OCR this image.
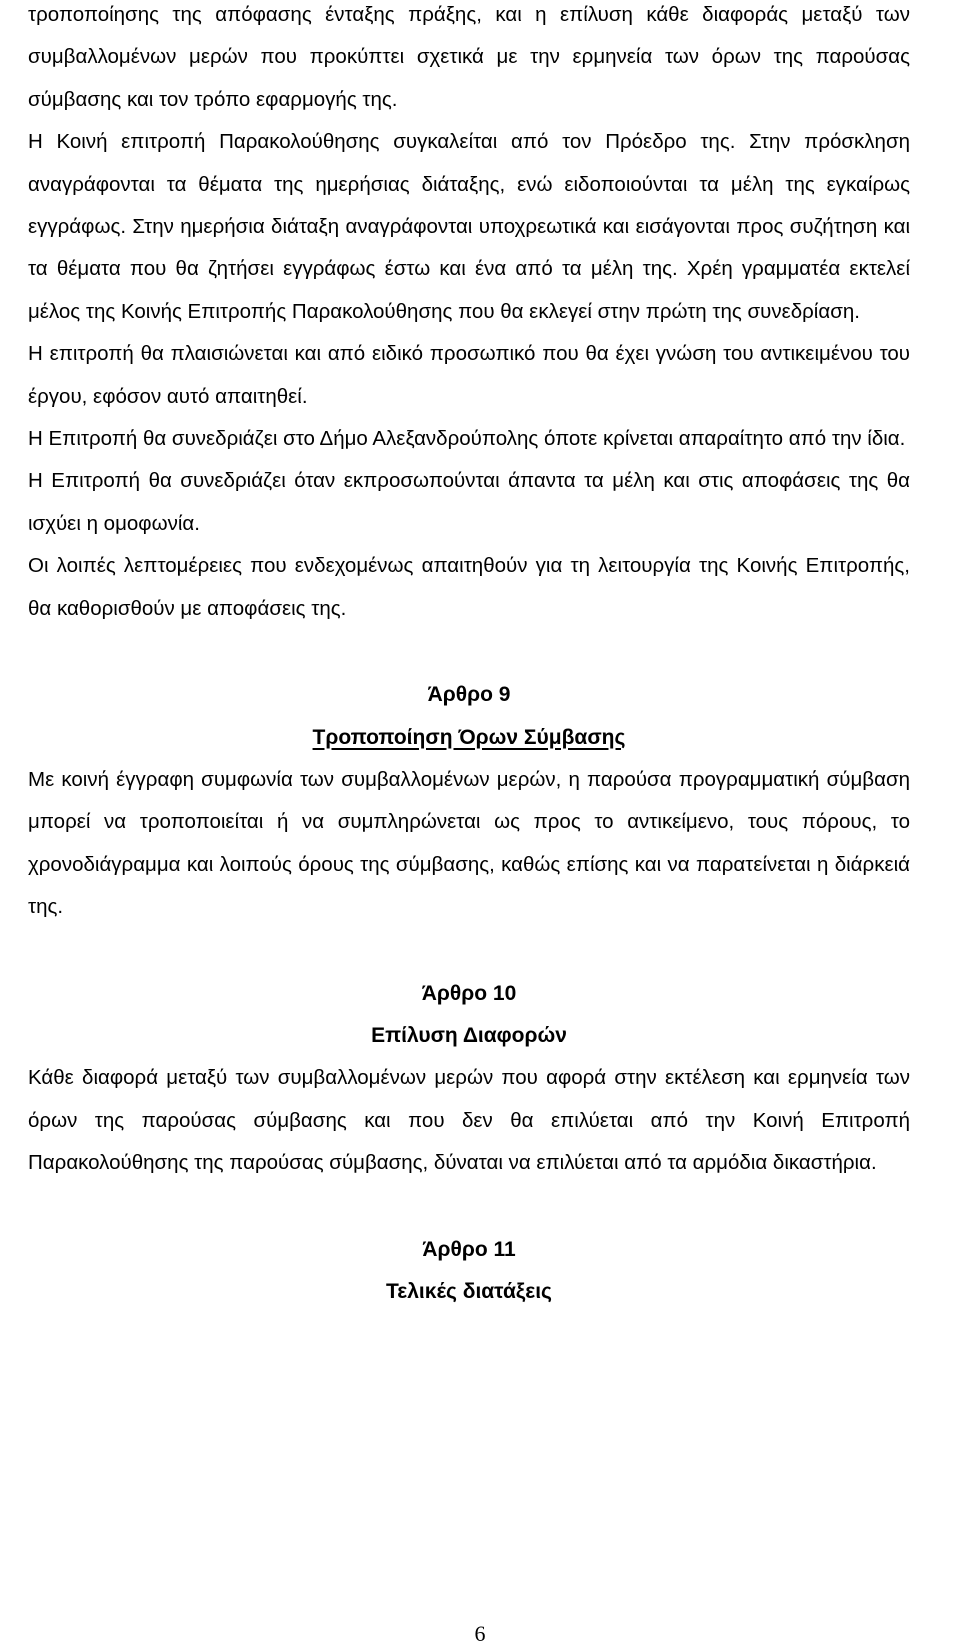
τροποποίησης της απόφασης ένταξης πράξης, και η επίλυση κάθε διαφοράς μεταξύ των συμβαλλομένων μερών που προκύπτει σχετικά με την ερμηνεία των όρων της παρούσας σύμβασης και τον τρόπο εφαρμογής της.

Η Κοινή επιτροπή Παρακολούθησης συγκαλείται από τον Πρόεδρο της. Στην πρόσκληση αναγράφονται τα θέματα της ημερήσιας διάταξης, ενώ ειδοποιούνται τα μέλη της εγκαίρως εγγράφως. Στην ημερήσια διάταξη αναγράφονται υποχρεωτικά και εισάγονται προς συζήτηση και τα θέματα που θα ζητήσει εγγράφως έστω και ένα από τα μέλη της. Χρέη γραμματέα εκτελεί μέλος της Κοινής Επιτροπής Παρακολούθησης που θα εκλεγεί στην πρώτη της συνεδρίαση.

Η επιτροπή θα πλαισιώνεται και από ειδικό προσωπικό που θα έχει γνώση του αντικειμένου του έργου, εφόσον αυτό απαιτηθεί.

Η Επιτροπή θα συνεδριάζει στο Δήμο Αλεξανδρούπολης όποτε κρίνεται απαραίτητο από την ίδια.

Η Επιτροπή θα συνεδριάζει όταν εκπροσωπούνται άπαντα τα μέλη και στις αποφάσεις της θα ισχύει η ομοφωνία.

Οι λοιπές λεπτομέρειες που ενδεχομένως απαιτηθούν για τη λειτουργία της Κοινής Επιτροπής, θα καθορισθούν με αποφάσεις της.

Άρθρο 9

Τροποποίηση Όρων Σύμβασης

Με κοινή έγγραφη συμφωνία των συμβαλλομένων μερών, η παρούσα προγραμματική σύμβαση μπορεί να τροποποιείται ή να συμπληρώνεται ως προς το αντικείμενο, τους πόρους, το χρονοδιάγραμμα και λοιπούς όρους της σύμβασης, καθώς επίσης και να παρατείνεται η διάρκειά της.

Άρθρο 10

Επίλυση Διαφορών

Κάθε διαφορά μεταξύ των συμβαλλομένων μερών που αφορά στην εκτέλεση και ερμηνεία των όρων της παρούσας σύμβασης και που δεν θα επιλύεται από την Κοινή Επιτροπή Παρακολούθησης της παρούσας σύμβασης, δύναται να επιλύεται από τα αρμόδια δικαστήρια.

Άρθρο 11

Τελικές διατάξεις

6
